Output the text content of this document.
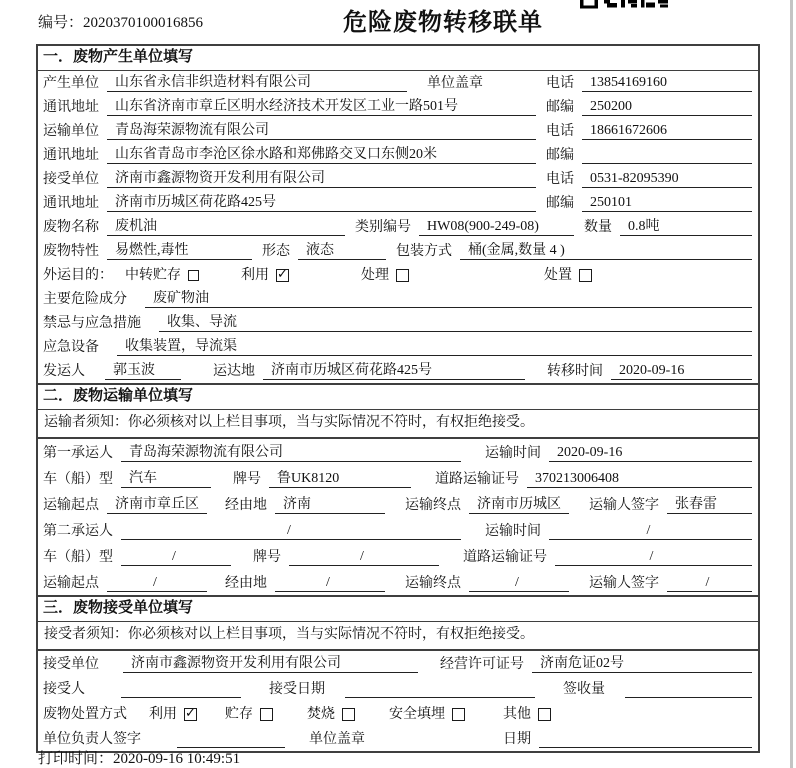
编号：2020370100016856	危险废物转移联单
一．废物产生单位填写
产生单位	山东省永信非织造材料有限公司	单位盖章	电话	13854169160
通讯地址	山东省济南市章丘区明水经济技术开发区工业一路501号	邮编	250200
运输单位	青岛海荣源物流有限公司	电话	18661672606
通讯地址	山东省青岛市李沧区徐水路和郑佛路交叉口东侧20米	邮编
接受单位	济南市鑫源物资开发利用有限公司	电话	0531-82095390
通讯地址	济南市历城区荷花路425号	邮编	250101
废物名称	废机油	类别编号	HW08(900-249-08)	数量	0.8吨
废物特性	易燃性,毒性	形态	液态	包装方式	桶(金属,数量 4 )
外运目的： 中转贮存	利用 ✓	处理	处置
主要危险成分	废矿物油
禁忌与应急措施	收集、导流
应急设备	收集装置，导流渠
发运人	郭玉波	运达地	济南市历城区荷花路425号	转移时间	2020-09-16
二．废物运输单位填写
运输者须知：你必须核对以上栏目事项，当与实际情况不符时，有权拒绝接受。
第一承运人	青岛海荣源物流有限公司	运输时间	2020-09-16
车（船）型	汽车	牌号	鲁UK8120	道路运输证号	370213006408
运输起点	济南市章丘区	经由地	济南	运输终点	济南市历城区	运输人签字	张春雷
第二承运人	/	运输时间	/
车（船）型	/	牌号	/	道路运输证号	/
运输起点	/	经由地	/	运输终点	/	运输人签字	/
三．废物接受单位填写
接受者须知：你必须核对以上栏目事项，当与实际情况不符时，有权拒绝接受。
接受单位	济南市鑫源物资开发利用有限公司	经营许可证号	济南危证02号
接受人	接受日期	签收量
废物处置方式 利用 ✓ 贮存	焚烧	安全填埋	其他
单位负责人签字	单位盖章	日期
打印时间：2020-09-16 10:49:51
